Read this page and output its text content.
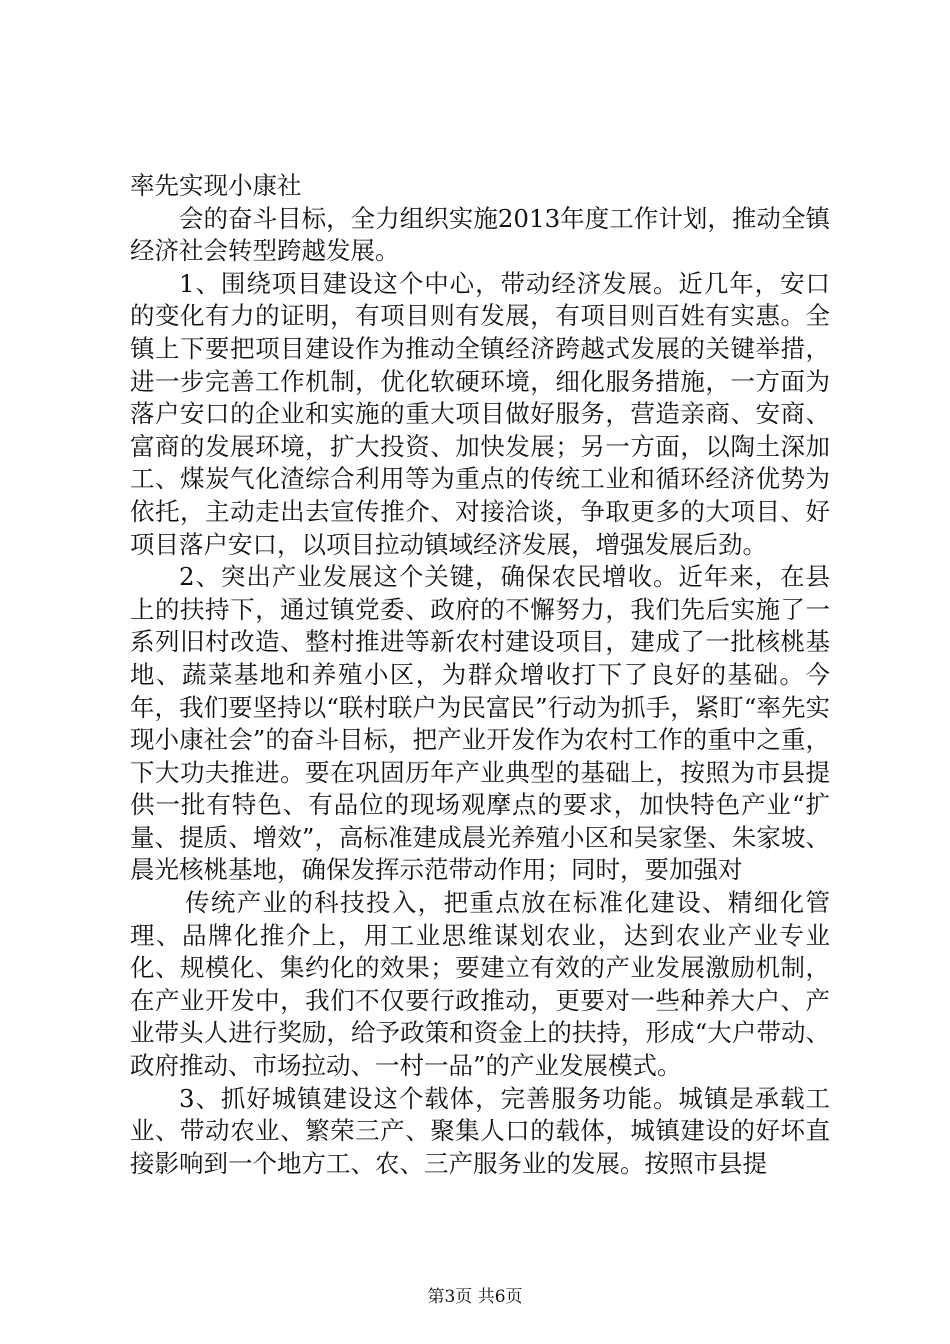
率先实现小康社

会的奋斗目标，全力组织实施2013年度工作计划，推动全镇经济社会转型跨越发展。

1、围绕项目建设这个中心，带动经济发展。近几年，安口的变化有力的证明，有项目则有发展，有项目则百姓有实惠。全镇上下要把项目建设作为推动全镇经济跨越式发展的关键举措，进一步完善工作机制，优化软硬环境，细化服务措施，一方面为落户安口的企业和实施的重大项目做好服务，营造亲商、安商、富商的发展环境，扩大投资、加快发展；另一方面，以陶土深加工、煤炭气化渣综合利用等为重点的传统工业和循环经济优势为依托，主动走出去宣传推介、对接洽谈，争取更多的大项目、好项目落户安口，以项目拉动镇域经济发展，增强发展后劲。

2、突出产业发展这个关键，确保农民增收。近年来，在县上的扶持下，通过镇党委、政府的不懈努力，我们先后实施了一系列旧村改造、整村推进等新农村建设项目，建成了一批核桃基地、蔬菜基地和养殖小区，为群众增收打下了良好的基础。今年，我们要坚持以“联村联户为民富民”行动为抓手，紧盯“率先实现小康社会”的奋斗目标，把产业开发作为农村工作的重中之重，下大功夫推进。要在巩固历年产业典型的基础上，按照为市县提供一批有特色、有品位的现场观摩点的要求，加快特色产业“扩量、提质、增效”，高标准建成晨光养殖小区和吴家堡、朱家坡、晨光核桃基地，确保发挥示范带动作用；同时，要加强对

传统产业的科技投入，把重点放在标准化建设、精细化管理、品牌化推介上，用工业思维谋划农业，达到农业产业专业化、规模化、集约化的效果；要建立有效的产业发展激励机制，在产业开发中，我们不仅要行政推动，更要对一些种养大户、产业带头人进行奖励，给予政策和资金上的扶持，形成“大户带动、政府推动、市场拉动、一村一品”的产业发展模式。

3、抓好城镇建设这个载体，完善服务功能。城镇是承载工业、带动农业、繁荣三产、聚集人口的载体，城镇建设的好坏直接影响到一个地方工、农、三产服务业的发展。按照市县提

第3页 共6页
